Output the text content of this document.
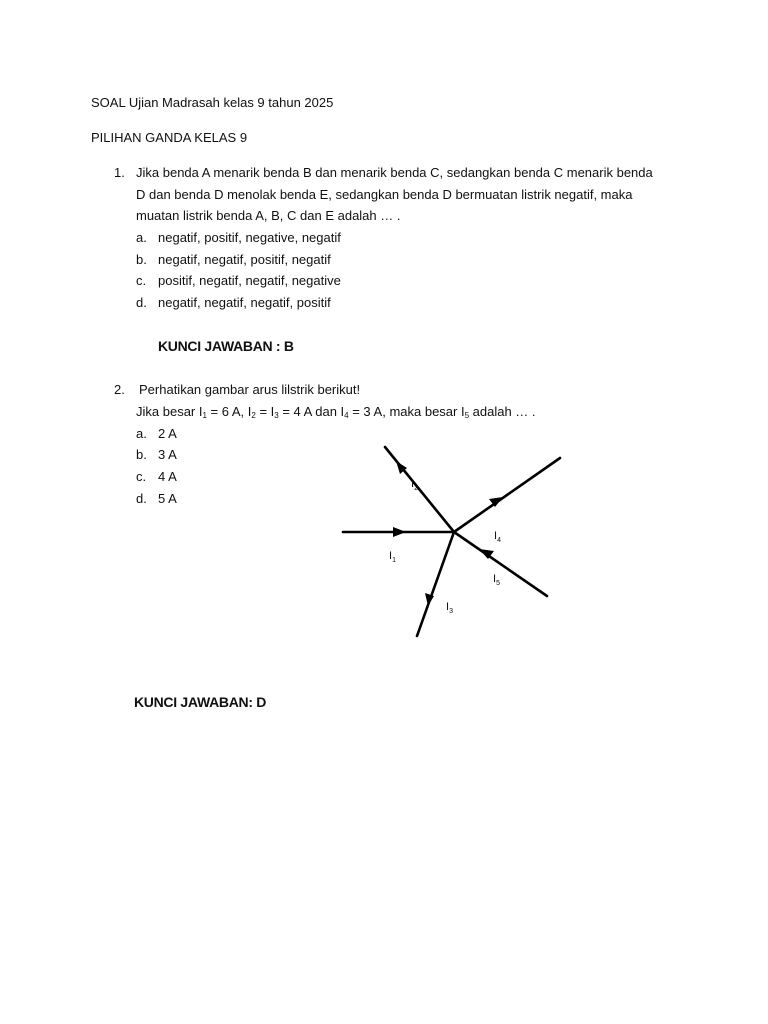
SOAL Ujian Madrasah kelas 9 tahun 2025
PILIHAN GANDA KELAS 9
1. Jika benda A menarik benda B dan menarik benda C, sedangkan benda C menarik benda
D dan benda D menolak benda E, sedangkan benda D bermuatan listrik negatif, maka
muatan listrik benda A, B, C dan E adalah … .
a. negatif, positif, negative, negatif
b. negatif, negatif, positif, negatif
c. positif, negatif, negatif, negative
d. negatif, negatif, negatif, positif
KUNCI JAWABAN : B
2. Perhatikan gambar arus lilstrik berikut!
Jika besar $I_1 = 6$ A, $I_2 = I_3 = 4$ A dan $I_4 = 3$ A, maka besar $I_5$ adalah … .
a. 2 A
b. 3 A
c. 4 A
d. 5 A
KUNCI JAWABAN: D
$I_1$
$I_2$
$I_3$
$I_4$
$I_5$
